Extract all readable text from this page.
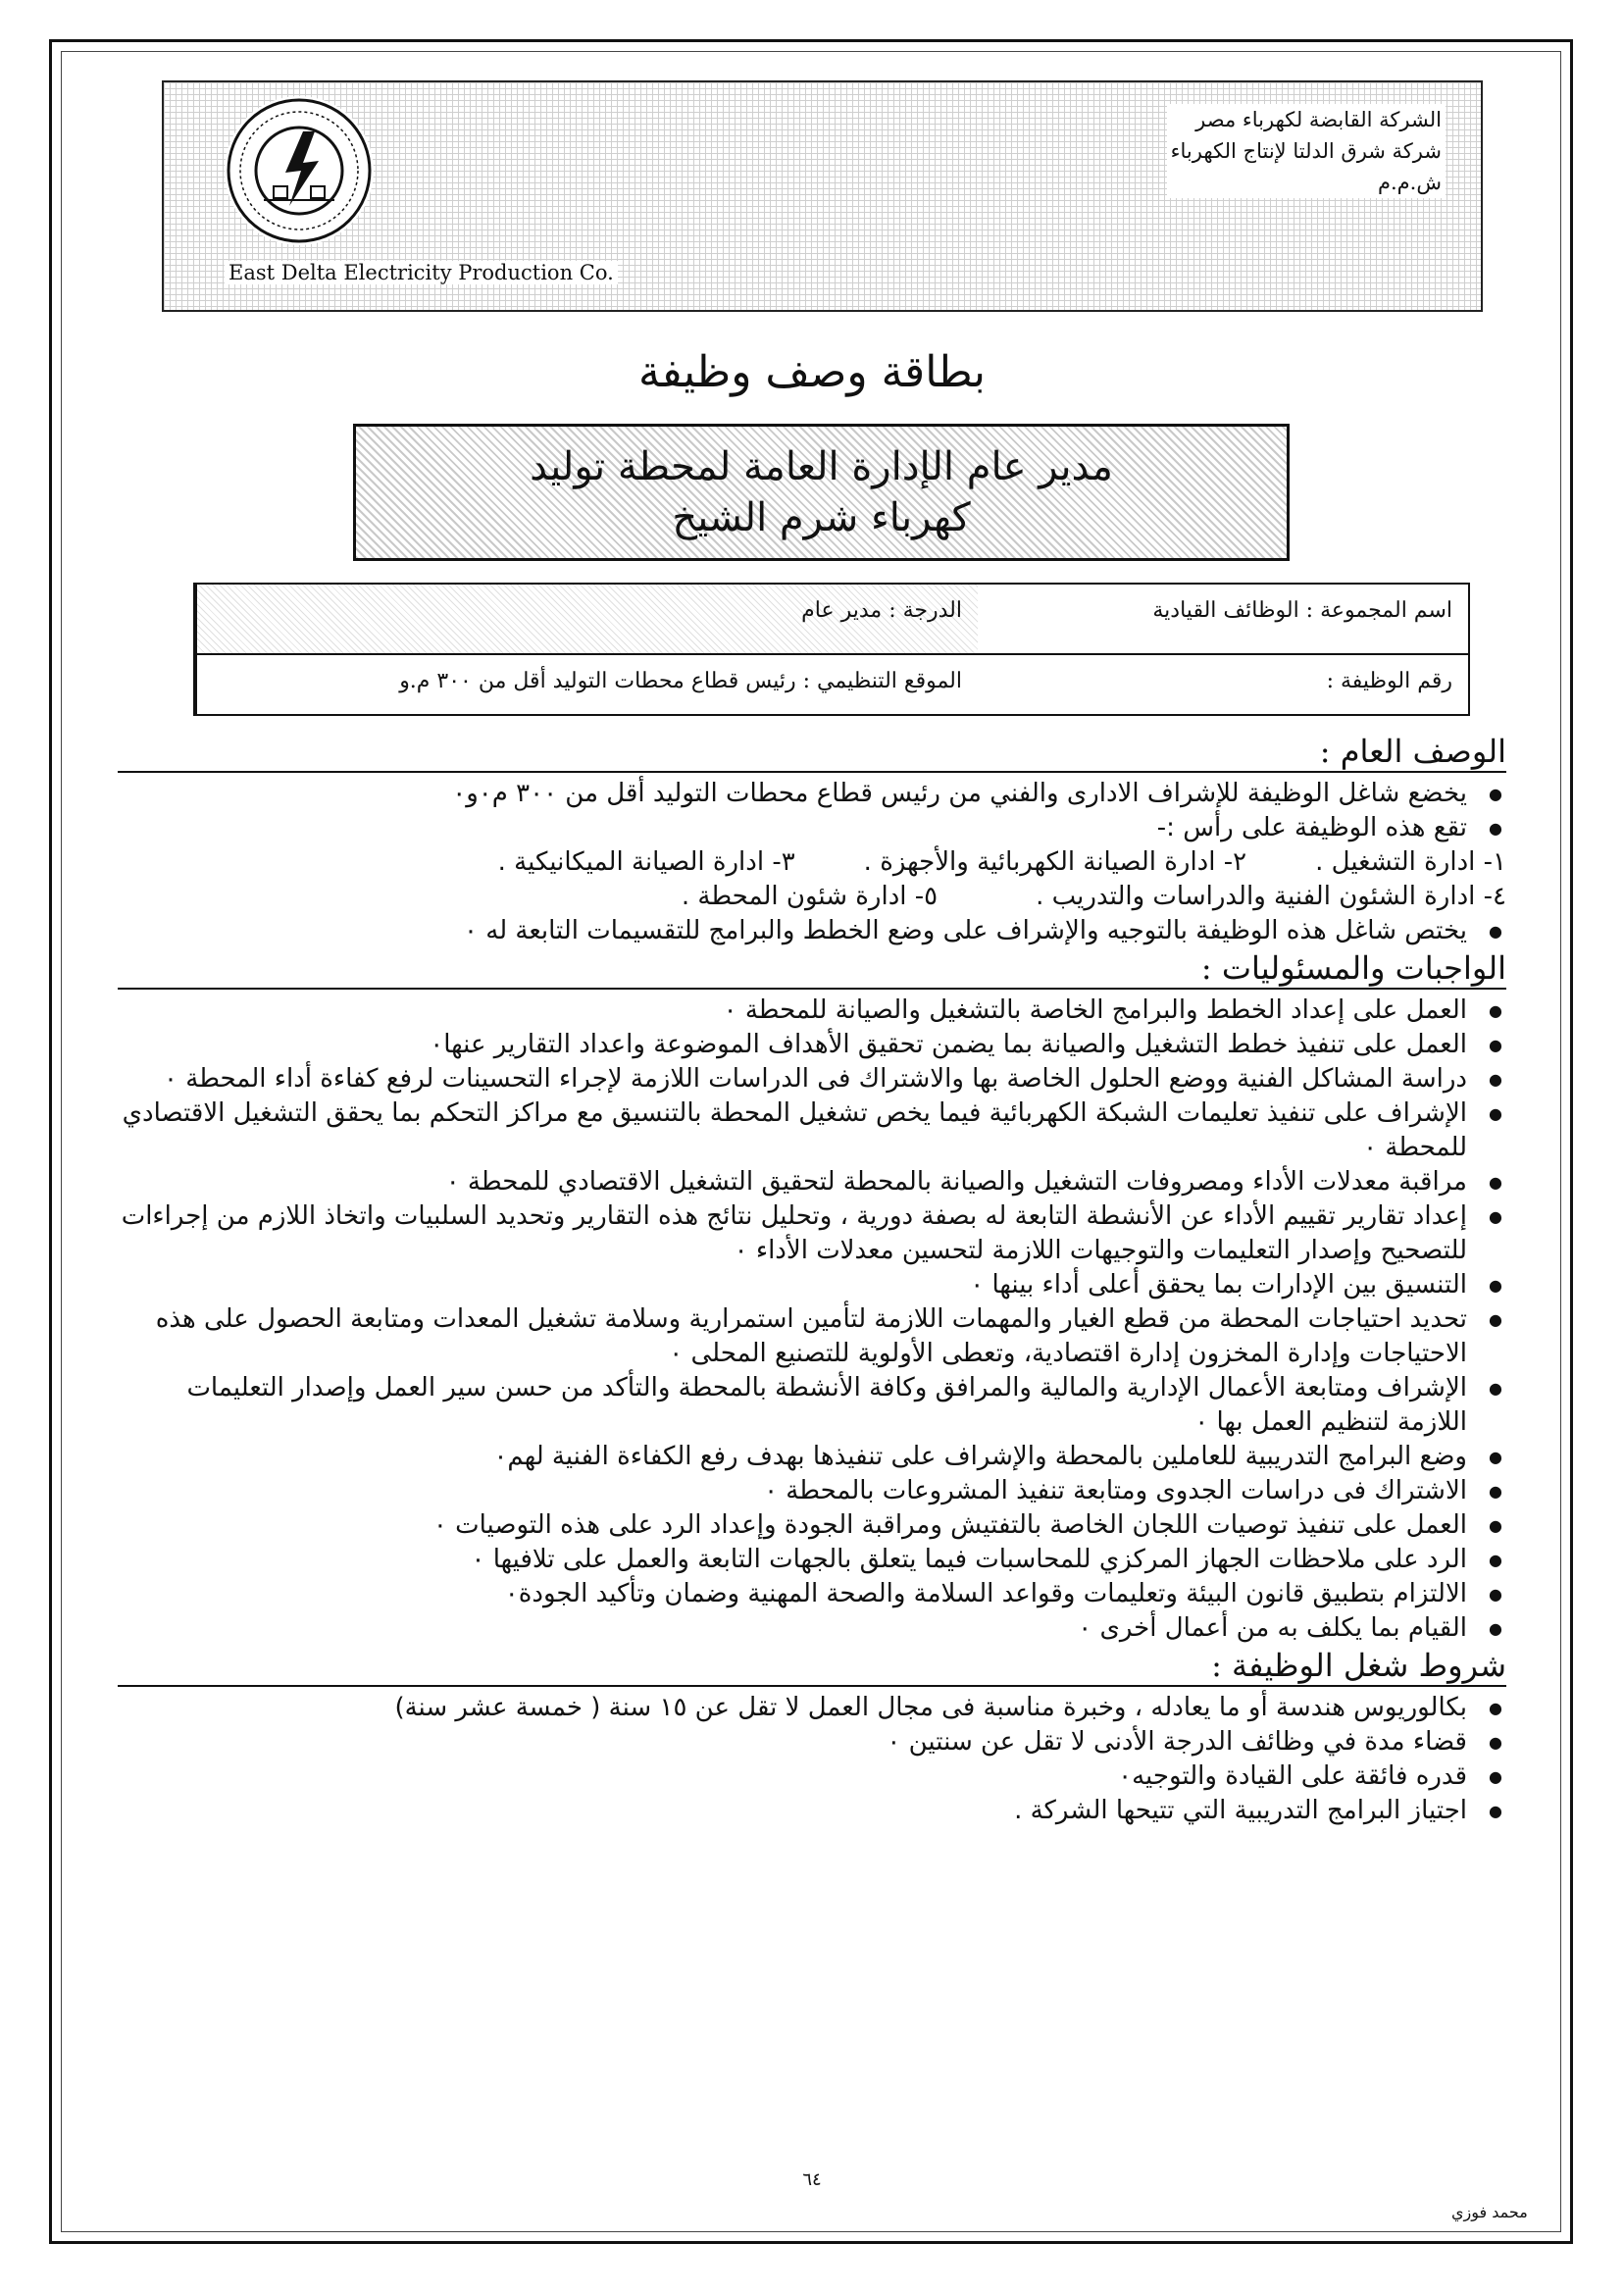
الشركة القابضة لكهرباء مصر
شركة شرق الدلتا لإنتاج الكهرباء
ش.م.م
East Delta Electricity Production Co.
بطاقة وصف وظيفة
مدير عام الإدارة العامة لمحطة توليد
كهرباء شرم الشيخ
اسم المجموعة : الوظائف القيادية
الدرجة : مدير عام
رقم الوظيفة :
الموقع التنظيمي : رئيس قطاع محطات التوليد أقل من ٣٠٠ م.و
الوصف العام :
● يخضع شاغل الوظيفة للإشراف الادارى والفني من رئيس قطاع محطات التوليد أقل من ٣٠٠ م٠و٠
● تقع هذه الوظيفة على رأس :-
١- ادارة التشغيل .
٢- ادارة الصيانة الكهربائية والأجهزة .
٣- ادارة الصيانة الميكانيكية .
٤- ادارة الشئون الفنية والدراسات والتدريب .
٥- ادارة شئون المحطة .
● يختص شاغل هذه الوظيفة بالتوجيه والإشراف على وضع الخطط والبرامج للتقسيمات التابعة له ٠
الواجبات والمسئوليات :
● العمل على إعداد الخطط والبرامج الخاصة بالتشغيل والصيانة للمحطة ٠
● العمل على تنفيذ خطط التشغيل والصيانة بما يضمن تحقيق الأهداف الموضوعة واعداد التقارير عنها٠
● دراسة المشاكل الفنية ووضع الحلول الخاصة بها والاشتراك فى الدراسات اللازمة لإجراء التحسينات لرفع كفاءة أداء المحطة ٠
● الإشراف على تنفيذ تعليمات الشبكة الكهربائية فيما يخص تشغيل المحطة بالتنسيق مع مراكز التحكم بما يحقق التشغيل الاقتصادي للمحطة ٠
● مراقبة معدلات الأداء ومصروفات التشغيل والصيانة بالمحطة لتحقيق التشغيل الاقتصادي للمحطة ٠
● إعداد تقارير تقييم الأداء عن الأنشطة التابعة له بصفة دورية ، وتحليل نتائج هذه التقارير وتحديد السلبيات واتخاذ اللازم من إجراءات للتصحيح وإصدار التعليمات والتوجيهات اللازمة لتحسين معدلات الأداء ٠
● التنسيق بين الإدارات بما يحقق أعلى أداء بينها ٠
● تحديد احتياجات المحطة من قطع الغيار والمهمات اللازمة لتأمين استمرارية وسلامة تشغيل المعدات ومتابعة الحصول على هذه الاحتياجات وإدارة المخزون إدارة اقتصادية، وتعطى الأولوية للتصنيع المحلى ٠
● الإشراف ومتابعة الأعمال الإدارية والمالية والمرافق وكافة الأنشطة بالمحطة والتأكد من حسن سير العمل وإصدار التعليمات اللازمة لتنظيم العمل بها ٠
● وضع البرامج التدريبية للعاملين بالمحطة والإشراف على تنفيذها بهدف رفع الكفاءة الفنية لهم٠
● الاشتراك فى دراسات الجدوى ومتابعة تنفيذ المشروعات بالمحطة ٠
● العمل على تنفيذ توصيات اللجان الخاصة بالتفتيش ومراقبة الجودة وإعداد الرد على هذه التوصيات ٠
● الرد على ملاحظات الجهاز المركزي للمحاسبات فيما يتعلق بالجهات التابعة والعمل على تلافيها ٠
● الالتزام بتطبيق قانون البيئة وتعليمات وقواعد السلامة والصحة المهنية وضمان وتأكيد الجودة٠
● القيام بما يكلف به من أعمال أخرى ٠
شروط شغل الوظيفة :
● بكالوريوس هندسة أو ما يعادله ، وخبرة مناسبة فى مجال العمل لا تقل عن ١٥ سنة ( خمسة عشر سنة)
● قضاء مدة في وظائف الدرجة الأدنى لا تقل عن سنتين ٠
● قدره فائقة على القيادة والتوجيه٠
● اجتياز البرامج التدريبية التي تتيحها الشركة .
٦٤
محمد فوزي
